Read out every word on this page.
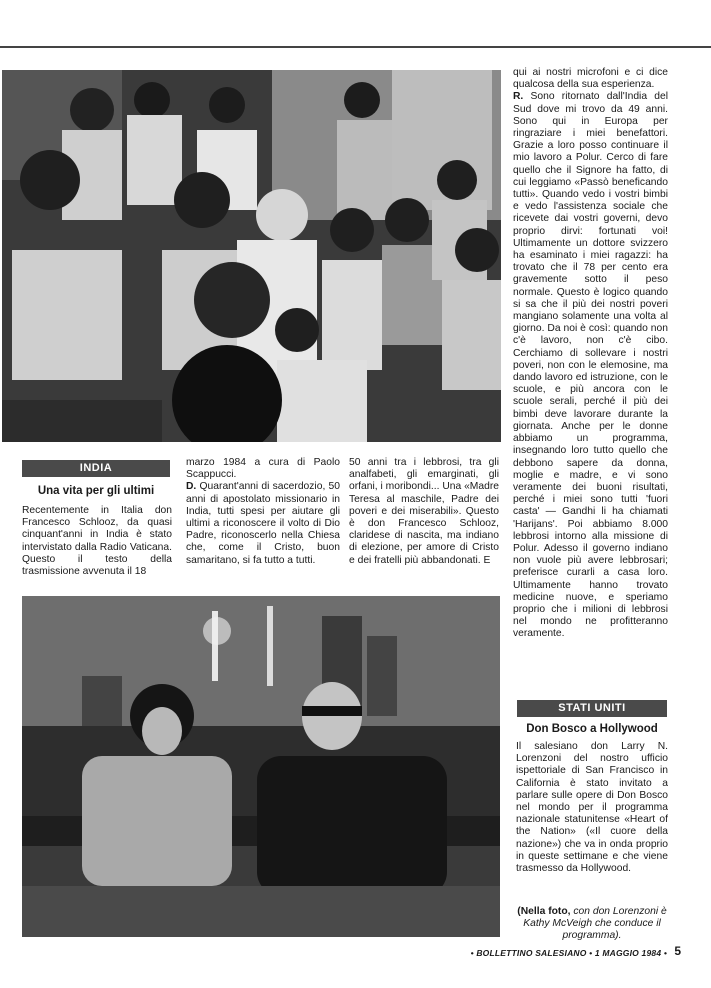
INDIA
Una vita per gli ultimi

Recentemente in Italia don Francesco Schlooz, da quasi cinquant'anni in India è stato intervistato dalla Radio Vaticana. Questo il testo della trasmissione avvenuta il 18

marzo 1984 a cura di Paolo Scappucci.

D. Quarant'anni di sacerdozio, 50 anni di apostolato missionario in India, tutti spesi per aiutare gli ultimi a riconoscere il volto di Dio Padre, riconoscerlo nella Chiesa che, come il Cristo, buon samaritano, si fa tutto a tutti.

50 anni tra i lebbrosi, tra gli analfabeti, gli emarginati, gli orfani, i moribondi... Una «Madre Teresa al maschile, Padre dei poveri e dei miserabili». Questo è don Francesco Schlooz, claridese di nascita, ma indiano di elezione, per amore di Cristo e dei fratelli più abbandonati. E

qui ai nostri microfoni e ci dice qualcosa della sua esperienza.

R. Sono ritornato dall'India del Sud dove mi trovo da 49 anni. Sono qui in Europa per ringraziare i miei benefattori. Grazie a loro posso continuare il mio lavoro a Polur. Cerco di fare quello che il Signore ha fatto, di cui leggiamo «Passò beneficando tutti». Quando vedo i vostri bimbi e vedo l'assistenza sociale che ricevete dai vostri governi, devo proprio dirvi: fortunati voi! Ultimamente un dottore svizzero ha esaminato i miei ragazzi: ha trovato che il 78 per cento era gravemente sotto il peso normale. Questo è logico quando si sa che il più dei nostri poveri mangiano solamente una volta al giorno. Da noi è così: quando non c'è lavoro, non c'è cibo. Cerchiamo di sollevare i nostri poveri, non con le elemosine, ma dando lavoro ed istruzione, con le scuole, e più ancora con le scuole serali, perché il più dei bimbi deve lavorare durante la giornata. Anche per le donne abbiamo un programma, insegnando loro tutto quello che debbono sapere da donna, moglie e madre, e vi sono veramente dei buoni risultati, perché i miei sono tutti 'fuori casta' — Gandhi li ha chiamati 'Harijans'. Poi abbiamo 8.000 lebbrosi intorno alla missione di Polur. Adesso il governo indiano non vuole più avere lebbrosari; preferisce curarli a casa loro. Ultimamente hanno trovato medicine nuove, e speriamo proprio che i milioni di lebbrosi nel mondo ne profitteranno veramente.

STATI UNITI
Don Bosco a Hollywood

Il salesiano don Larry N. Lorenzoni del nostro ufficio ispettoriale di San Francisco in California è stato invitato a parlare sulle opere di Don Bosco nel mondo per il programma nazionale statunitense «Heart of the Nation» («Il cuore della nazione») che va in onda proprio in queste settimane e che viene trasmesso da Hollywood.

(Nella foto, con don Lorenzoni è Kathy McVeigh che conduce il programma).
• BOLLETTINO SALESIANO • 1 MAGGIO 1984 • 5
